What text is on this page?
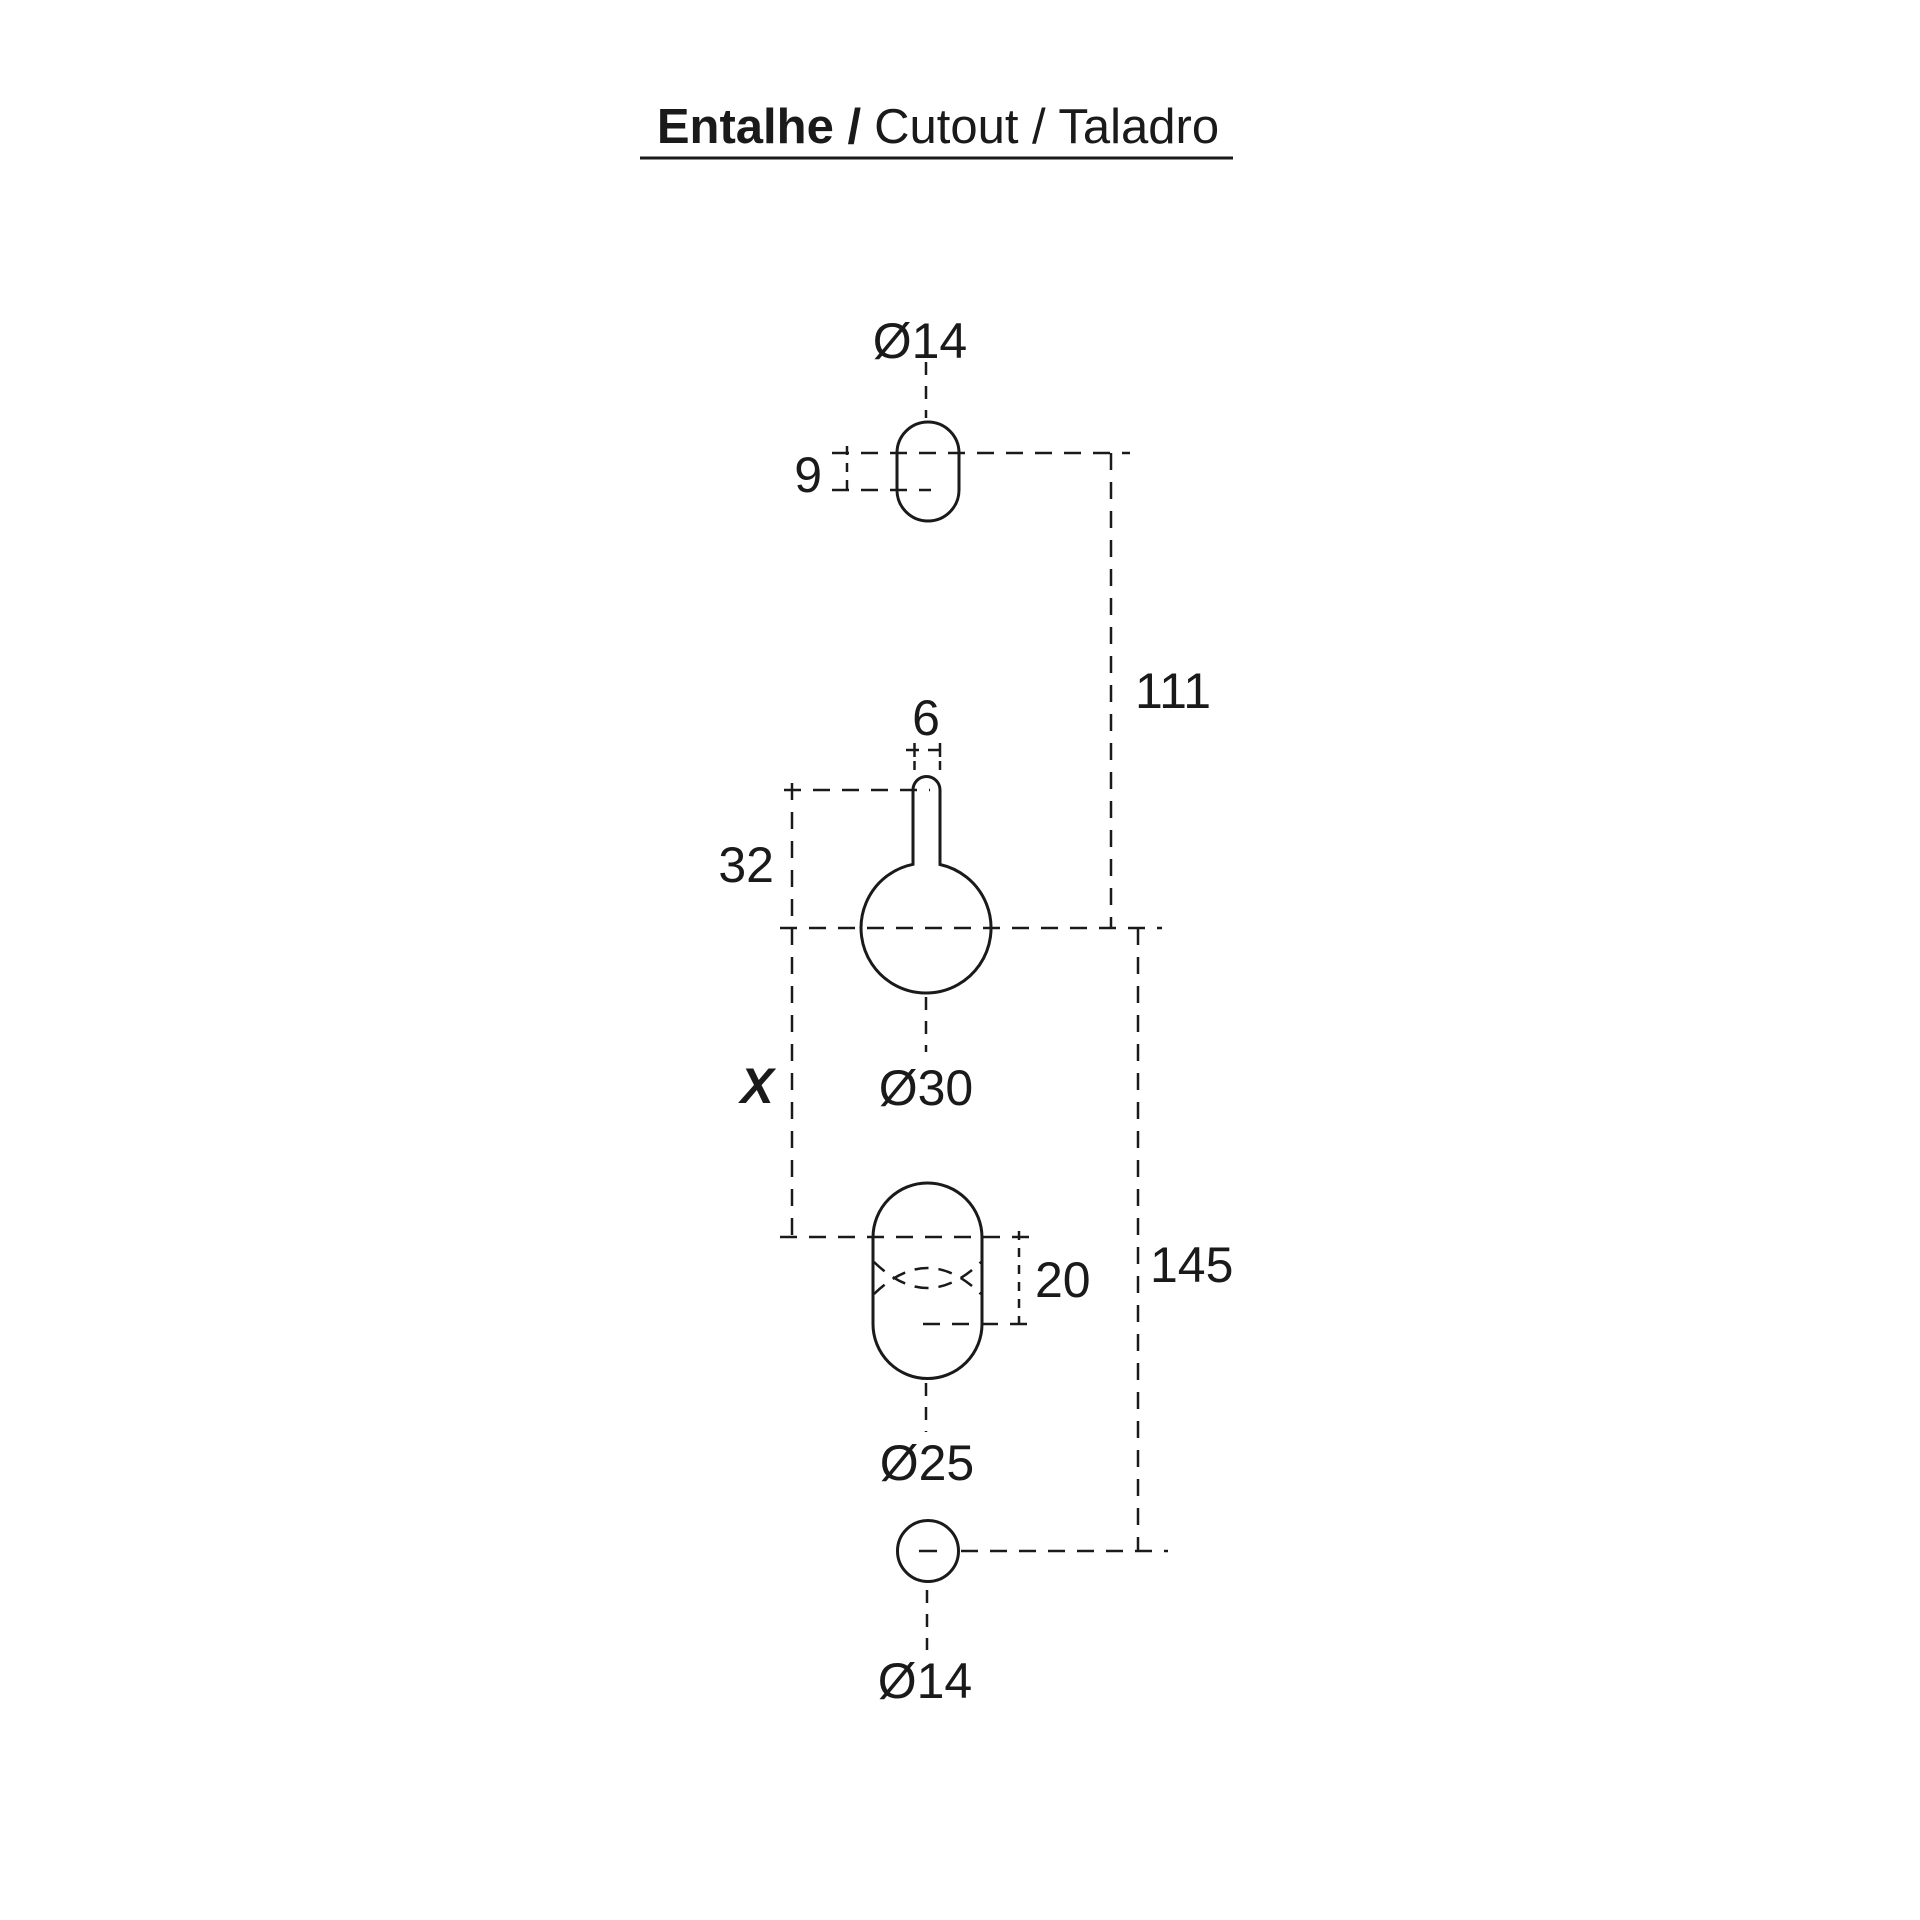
Entalhe / Cutout / Taladro
Ø14
9
111
6
32
Ø30
X
20
Ø25
145
Ø14
